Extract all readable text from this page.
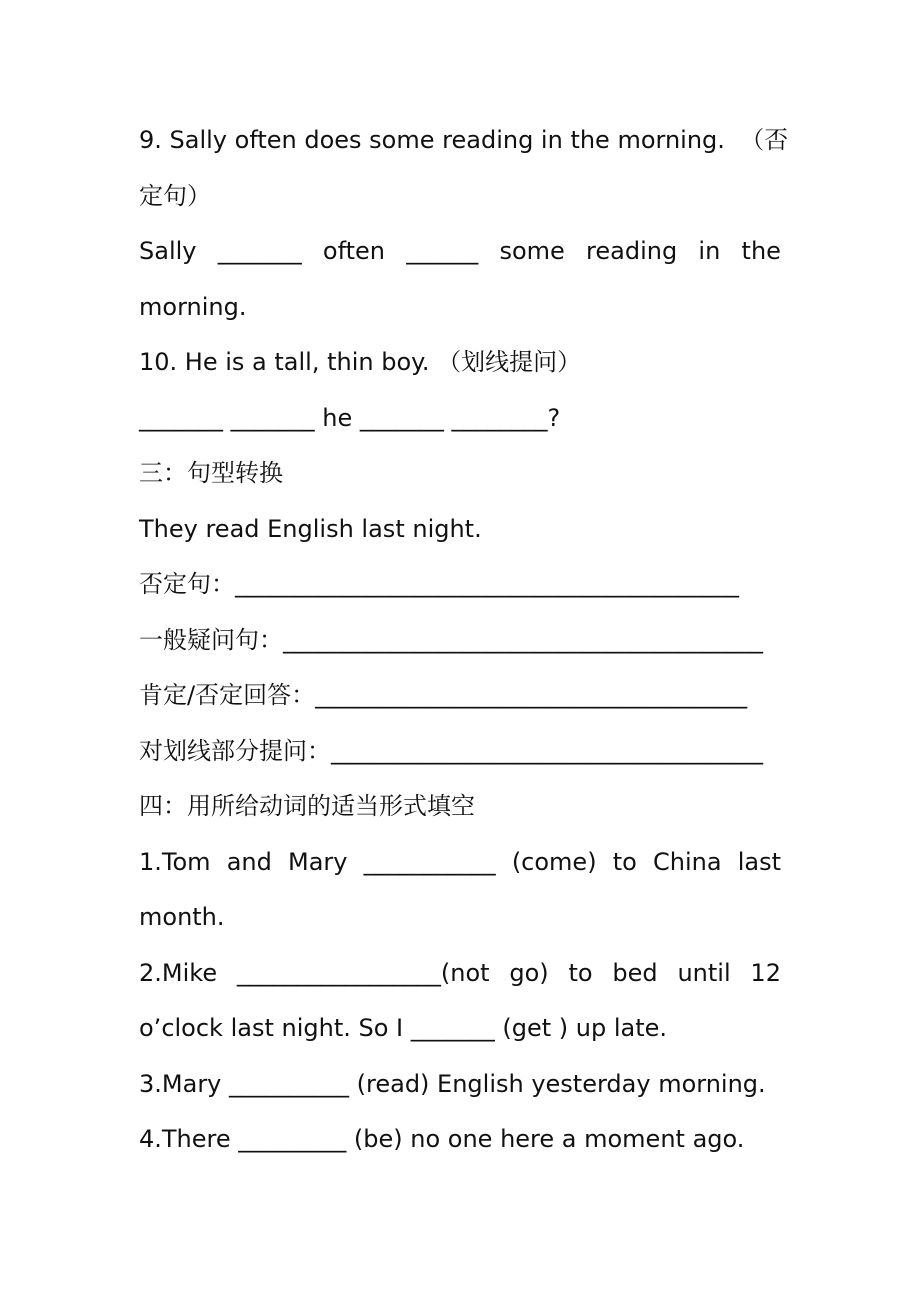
9. Sally often does some reading in the morning.  （否
定句）
Sally _______ often ______ some reading in the
morning.
10. He is a tall, thin boy. （划线提问）
_______ _______ he _______ ________?
三：句型转换
They read English last night.
否定句：__________________________________________
一般疑问句：________________________________________
肯定/否定回答：____________________________________
对划线部分提问：____________________________________
四：用所给动词的适当形式填空
1.Tom and Mary ___________ (come) to China last
month.
2.Mike _________________(not go) to bed until 12
o’clock last night. So I _______ (get ) up late.
3.Mary __________ (read) English yesterday morning.
4.There _________ (be) no one here a moment ago.
